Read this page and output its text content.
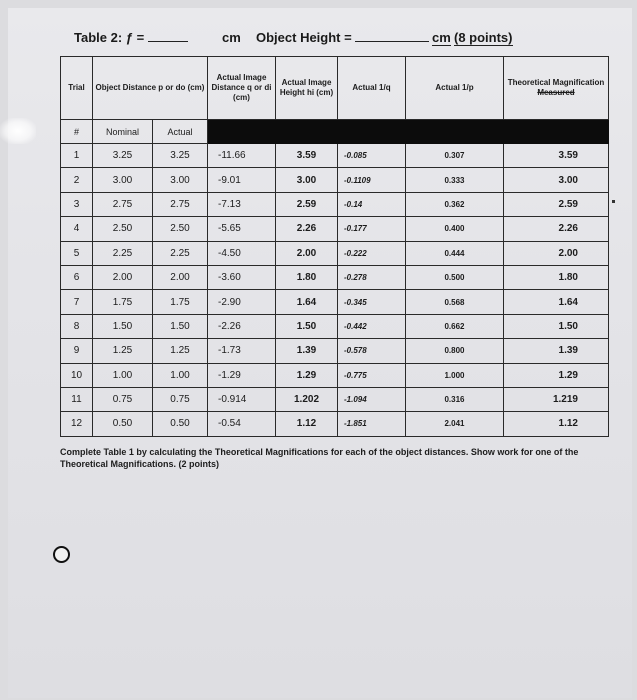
Table 2: ƒ =	cm Object Height =	cm (8 points)
Trial	Object Distance p or do (cm)		Actual Image Distance q or di (cm)	Actual Image Height hi (cm)	Actual 1/q	Actual 1/p	Theoretical Magnification
Measured

#	Nominal	Actual					
1	3.25	3.25	-11.66	3.59	-0.085	0.307	3.59
2	3.00	3.00	-9.01	3.00	-0.1109	0.333	3.00
3	2.75	2.75	-7.13	2.59	-0.14	0.362	2.59
4	2.50	2.50	-5.65	2.26	-0.177	0.400	2.26
5	2.25	2.25	-4.50	2.00	-0.222	0.444	2.00
6	2.00	2.00	-3.60	1.80	-0.278	0.500	1.80
7	1.75	1.75	-2.90	1.64	-0.345	0.568	1.64
8	1.50	1.50	-2.26	1.50	-0.442	0.662	1.50
9	1.25	1.25	-1.73	1.39	-0.578	0.800	1.39
10	1.00	1.00	-1.29	1.29	-0.775	1.000	1.29
11	0.75	0.75	-0.914	1.202	-1.094	0.316	1.219
12	0.50	0.50	-0.54	1.12	-1.851	2.041	1.12
Complete Table 1 by calculating the Theoretical Magnifications for each of the object distances. Show work for one of the Theoretical Magnifications. (2 points)
